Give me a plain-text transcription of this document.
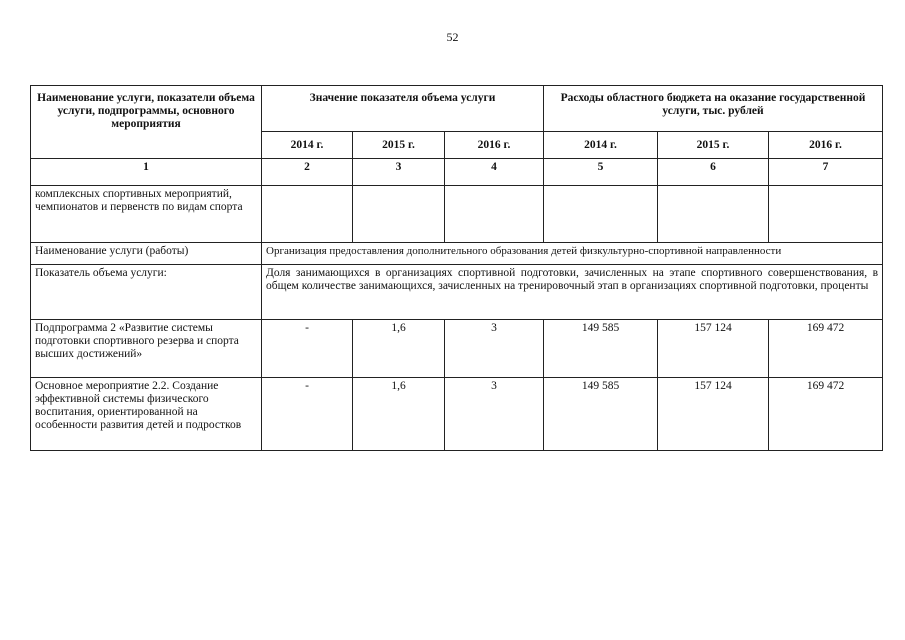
52
Наименование услуги, показатели объема услуги, подпрограммы, основного мероприятия	Значение показателя объема услуги			Расходы областного бюджета на оказание государственной услуги, тыс. рублей		
	2014 г.	2015 г.	2016 г.	2014 г.	2015 г.	2016 г.
1	2	3	4	5	6	7
комплексных спортивных мероприятий, чемпионатов и первенств по видам спорта						
Наименование услуги (работы)	Организация предоставления дополнительного образования детей физкультурно-спортивной направленности					
Показатель объема услуги:	Доля занимающихся в организациях спортивной подготовки, зачисленных на этапе спортивного совершенствования, в общем количестве занимающихся, зачисленных на тренировочный этап в организациях спортивной подготовки, проценты					
Подпрограмма 2 «Развитие системы подготовки спортивного резерва и спорта высших достижений»	-	1,6	3	149 585	157 124	169 472
Основное мероприятие 2.2. Создание эффективной системы физического воспитания, ориентированной на особенности развития детей и подростков	-	1,6	3	149 585	157 124	169 472
